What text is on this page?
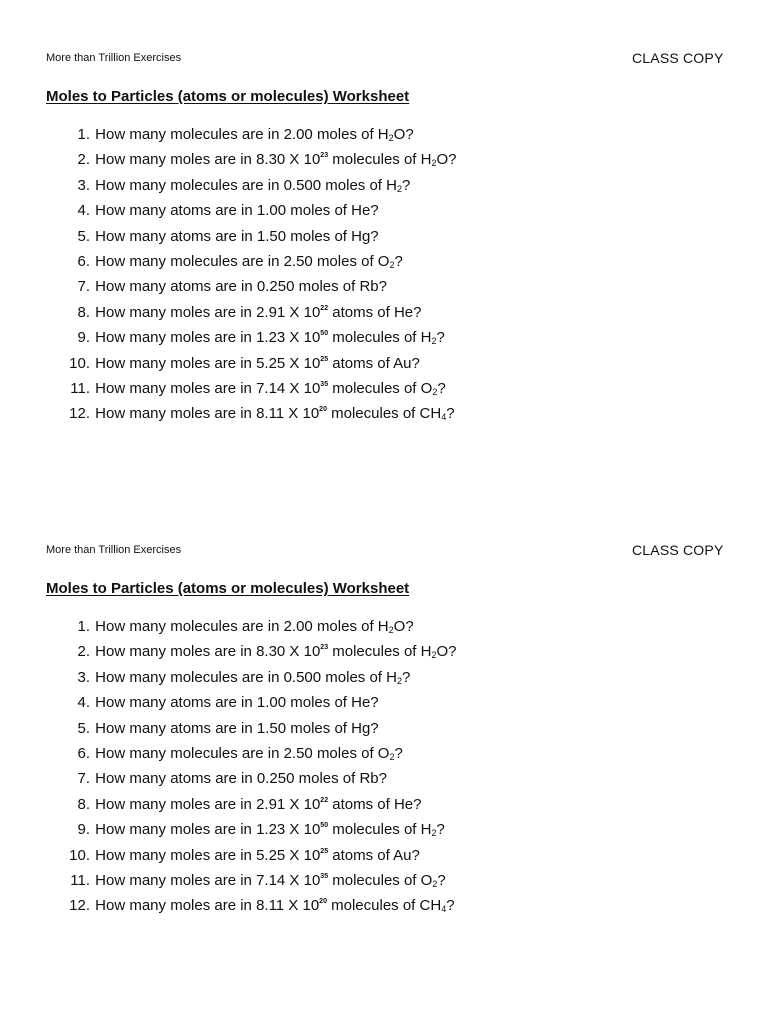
More than Trillion Exercises	CLASS COPY
Moles to Particles (atoms or molecules) Worksheet
1. How many molecules are in 2.00 moles of $H_2O$?
2. How many moles are in 8.30 X $10^{23}$ molecules of $H_2O$?
3. How many molecules are in 0.500 moles of $H_2$?
4. How many atoms are in 1.00 moles of He?
5. How many atoms are in 1.50 moles of Hg?
6. How many molecules are in 2.50 moles of $O_2$?
7. How many atoms are in 0.250 moles of Rb?
8. How many moles are in 2.91 X $10^{22}$ atoms of He?
9. How many moles are in 1.23 X $10^{50}$ molecules of $H_2$?
10. How many moles are in 5.25 X $10^{25}$ atoms of Au?
11. How many moles are in 7.14 X $10^{35}$ molecules of $O_2$?
12. How many moles are in 8.11 X $10^{20}$ molecules of $CH_4$?
More than Trillion Exercises	CLASS COPY
Moles to Particles (atoms or molecules) Worksheet
1. How many molecules are in 2.00 moles of $H_2O$?
2. How many moles are in 8.30 X $10^{23}$ molecules of $H_2O$?
3. How many molecules are in 0.500 moles of $H_2$?
4. How many atoms are in 1.00 moles of He?
5. How many atoms are in 1.50 moles of Hg?
6. How many molecules are in 2.50 moles of $O_2$?
7. How many atoms are in 0.250 moles of Rb?
8. How many moles are in 2.91 X $10^{22}$ atoms of He?
9. How many moles are in 1.23 X $10^{50}$ molecules of $H_2$?
10. How many moles are in 5.25 X $10^{25}$ atoms of Au?
11. How many moles are in 7.14 X $10^{35}$ molecules of $O_2$?
12. How many moles are in 8.11 X $10^{20}$ molecules of $CH_4$?
